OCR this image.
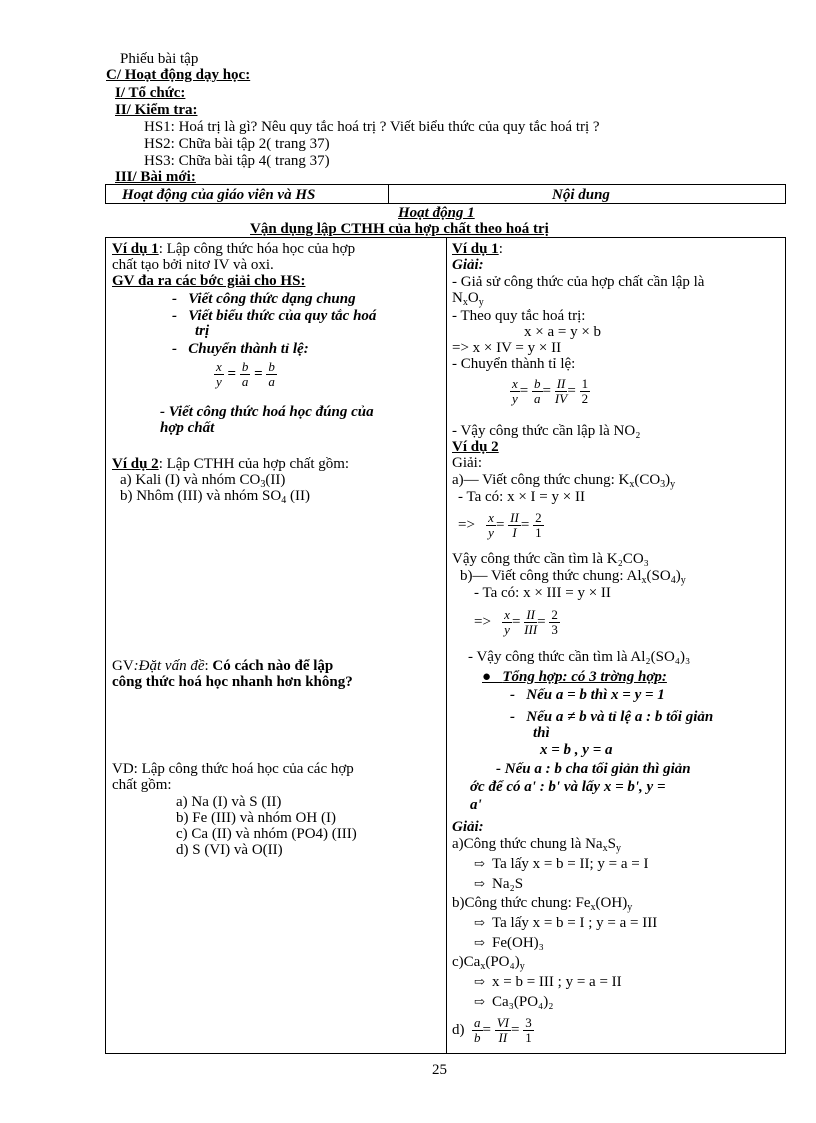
Phiếu bài tập
C/ Hoạt động dạy học:
I/ Tổ chức:
II/ Kiểm tra:
HS1: Hoá trị là gì? Nêu quy tắc hoá trị ? Viết biểu thức của quy tắc hoá trị ?
HS2: Chữa bài tập 2( trang 37)
HS3: Chữa bài tập 4( trang 37)
III/ Bài mới:
Hoạt động của giáo viên và HS	Nội dung
Hoạt động 1
Vận dụng lập CTHH của hợp chất theo hoá trị
Ví dụ 1: Lập công thức hóa học của hợp
chất tạo bởi nitơ IV và oxi.
GV đa ra các bớc giải cho HS:
-   Viết công thức dạng chung
-   Viết biểu thức của quy tắc hoá
trị
-   Chuyển thành tỉ lệ:
$\frac{x}{y} = \frac{b}{a} = \frac{b}{a}$
- Viết công thức hoá học đúng của
hợp chất
Ví dụ 2: Lập CTHH của hợp chất gồm:
a) Kali (I) và nhóm $CO_3(II)$
b) Nhôm (III) và nhóm $SO_4$ (II)
GV:Đặt vấn đề: Có cách nào để lập
công thức hoá học nhanh hơn không?
VD: Lập công thức hoá học của các hợp
chất gồm:
a) Na (I) và S (II)
b) Fe (III) và nhóm OH (I)
c) Ca (II) và nhóm (PO4) (III)
d) S (VI) và O(II)
Ví dụ 1:
Giải:
- Giả sử công thức của hợp chất cần lập là
$N_xO_y$
- Theo quy tắc hoá trị:
x × a = y × b
=> x × IV = y × II
- Chuyển thành tỉ lệ:
$\frac{x}{y} = \frac{b}{a} = \frac{II}{IV} = \frac{1}{2}$
- Vậy công thức cần lập là NO₂
Ví dụ 2
Giải:
a)— Viết công thức chung: $K_x(CO_3)_y$
- Ta có: x × I = y × II
=> $\frac{x}{y} = \frac{II}{I} = \frac{2}{1}$
Vậy công thức cần tìm là K₂CO₃
b)— Viết công thức chung: $Al_x(SO_4)_y$
- Ta có: x × III = y × II
=> $\frac{x}{y} = \frac{II}{\text{III}} = \frac{2}{3}$
- Vậy công thức cần tìm là Al₂(SO₄)₃
●   Tổng hợp: có 3 trờng hợp:
-   Nếu a = b thì x = y = 1
-   Nếu a ≠ b và tỉ lệ a : b tối giản
thì
x = b , y = a
- Nếu a : b cha tối giản thì giản
ớc để có a' : b' và lấy x = b', y =
a'
Giải:
a)Công thức chung là $Na_xS_y$
⇨ Ta lấy x = b = II; y = a = I
⇨ Na₂S
b)Công thức chung: $Fe_x(OH)_y$
⇨ Ta lấy x = b = I ; y = a = III
⇨ Fe(OH)₃
$c)Ca_x(PO_4)_y$
⇨ x = b = III ; y = a = II
⇨ Ca₃(PO₄)₂
$d) \frac{a}{b} = \frac{VI}{II} = \frac{3}{1}$
25
